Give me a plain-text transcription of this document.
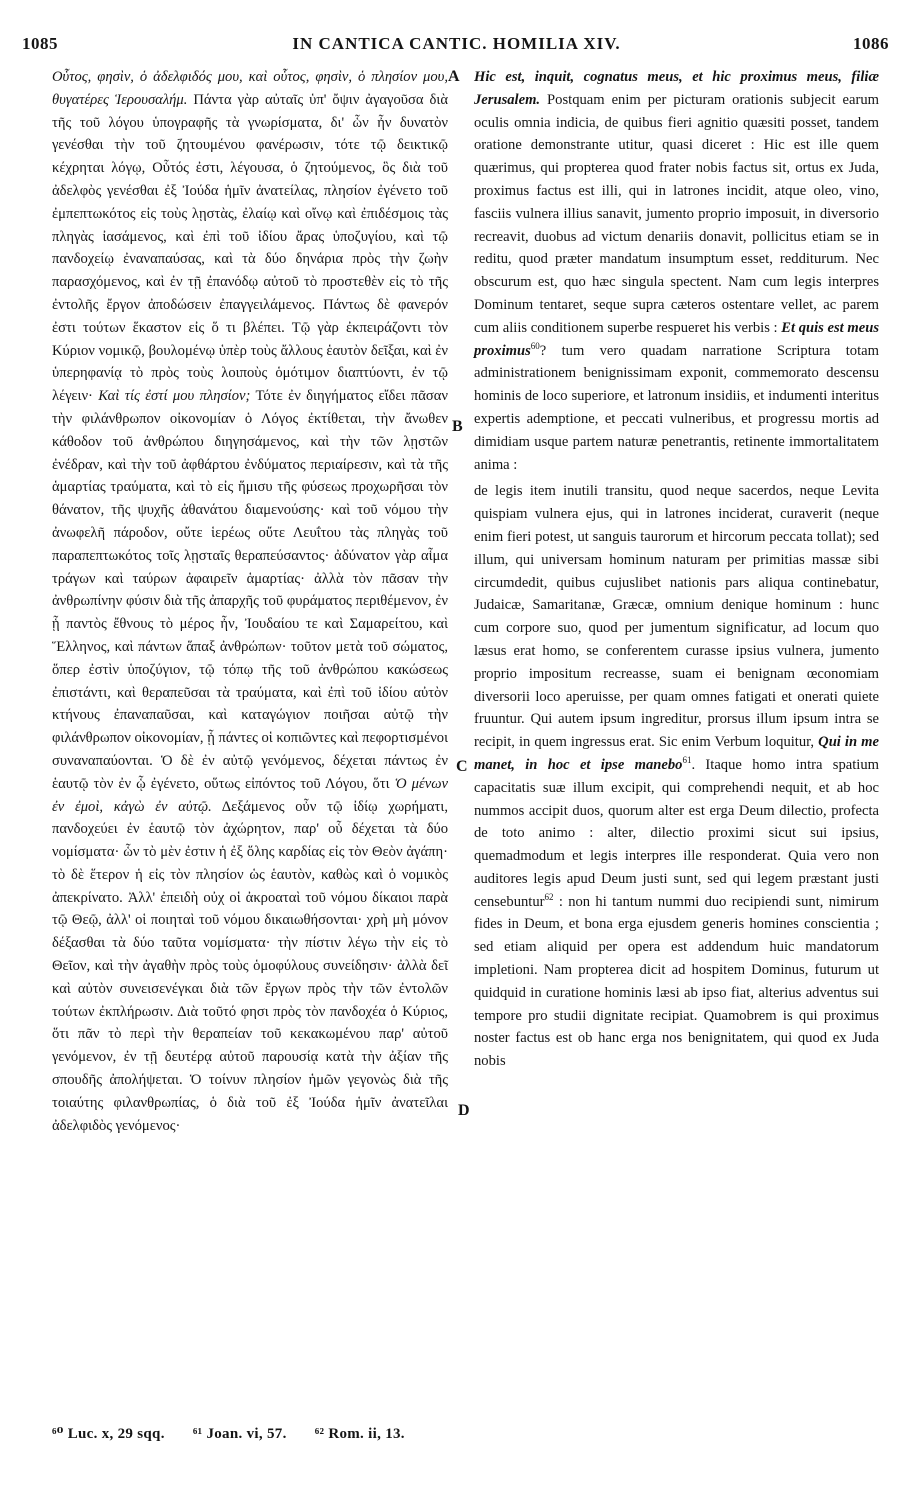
1085	IN CANTICA CANTIC. HOMILIA XIV.	1086
A
B
C
D

Οὗτος, φησὶν, ὁ ἀδελφιδός μου, καὶ οὗτος, φησὶν, ὁ πλησίον μου, θυγατέρες Ἱερουσαλήμ. Πάντα γὰρ αὐταῖς ὑπ' ὄψιν ἀγαγοῦσα διὰ τῆς τοῦ λόγου ὑπογραφῆς τὰ γνωρίσματα, δι' ὧν ἦν δυνατὸν γενέσθαι τὴν τοῦ ζητουμένου φανέρωσιν, τότε τῷ δεικτικῷ κέχρηται λόγῳ, Οὗτός ἐστι, λέγουσα, ὁ ζητούμενος, ὃς διὰ τοῦ ἀδελφὸς γενέσθαι ἐξ Ἰούδα ἡμῖν ἀνατείλας, πλησίον ἐγένετο τοῦ ἐμπεπτωκότος εἰς τοὺς λῃστὰς, ἐλαίῳ καὶ οἴνῳ καὶ ἐπιδέσμοις τὰς πληγὰς ἰασάμενος, καὶ ἐπὶ τοῦ ἰδίου ἄρας ὑποζυγίου, καὶ τῷ πανδοχείῳ ἐναναπαύσας, καὶ τὰ δύο δηνάρια πρὸς τὴν ζωὴν παρασχόμενος, καὶ ἐν τῇ ἐπανόδῳ αὐτοῦ τὸ προστεθὲν εἰς τὸ τῆς ἐντολῆς ἔργον ἀποδώσειν ἐπαγγειλάμενος. Πάντως δὲ φανερόν ἐστι τούτων ἕκαστον εἰς ὅ τι βλέπει. Τῷ γὰρ ἐκπειράζοντι τὸν Κύριον νομικῷ, βουλομένῳ ὑπὲρ τοὺς ἄλλους ἑαυτὸν δεῖξαι, καὶ ἐν ὑπερηφανίᾳ τὸ πρὸς τοὺς λοιποὺς ὁμότιμον διαπτύοντι, ἐν τῷ λέγειν· Καὶ τίς ἐστί μου πλησίον; Τότε ἐν διηγήματος εἴδει πᾶσαν τὴν φιλάνθρωπον οἰκονομίαν ὁ Λόγος ἐκτίθεται, τὴν ἄνωθεν κάθοδον τοῦ ἀνθρώπου διηγησάμενος, καὶ τὴν τῶν λῃστῶν ἐνέδραν, καὶ τὴν τοῦ ἀφθάρτου ἐνδύματος περιαίρεσιν, καὶ τὰ τῆς ἁμαρτίας τραύματα, καὶ τὸ εἰς ἥμισυ τῆς φύσεως προχωρῆσαι τὸν θάνατον, τῆς ψυχῆς ἀθανάτου διαμενούσης· καὶ τοῦ νόμου τὴν ἀνωφελῆ πάροδον, οὔτε ἱερέως οὔτε Λευΐτου τὰς πληγὰς τοῦ παραπεπτωκότος τοῖς λῃσταῖς θεραπεύσαντος· ἀδύνατον γὰρ αἷμα τράγων καὶ ταύρων ἀφαιρεῖν ἁμαρτίας· ἀλλὰ τὸν πᾶσαν τὴν ἀνθρωπίνην φύσιν διὰ τῆς ἀπαρχῆς τοῦ φυράματος περιθέμενον, ἐν ᾗ παντὸς ἔθνους τὸ μέρος ἦν, Ἰουδαίου τε καὶ Σαμαρείτου, καὶ Ἕλληνος, καὶ πάντων ἅπαξ ἀνθρώπων· τοῦτον μετὰ τοῦ σώματος, ὅπερ ἐστὶν ὑποζύγιον, τῷ τόπῳ τῆς τοῦ ἀνθρώπου κακώσεως ἐπιστάντι, καὶ θεραπεῦσαι τὰ τραύματα, καὶ ἐπὶ τοῦ ἰδίου αὐτὸν κτήνους ἐπαναπαῦσαι, καὶ καταγώγιον ποιῆσαι αὐτῷ τὴν φιλάνθρωπον οἰκονομίαν, ᾗ πάντες οἱ κοπιῶντες καὶ πεφορτισμένοι συναναπαύονται. Ὁ δὲ ἐν αὐτῷ γενόμενος, δέχεται πάντως ἐν ἑαυτῷ τὸν ἐν ᾧ ἐγένετο, οὕτως εἰπόντος τοῦ Λόγου, ὅτι Ὁ μένων ἐν ἐμοὶ, κἀγὼ ἐν αὐτῷ. Δεξάμενος οὖν τῷ ἰδίῳ χωρήματι, πανδοχεύει ἐν ἑαυτῷ τὸν ἀχώρητον, παρ' οὗ δέχεται τὰ δύο νομίσματα· ὧν τὸ μὲν ἐστιν ἡ ἐξ ὅλης καρδίας εἰς τὸν Θεὸν ἀγάπη· τὸ δὲ ἕτερον ἡ εἰς τὸν πλησίον ὡς ἑαυτὸν, καθὼς καὶ ὁ νομικὸς ἀπεκρίνατο. Ἀλλ' ἐπειδὴ οὐχ οἱ ἀκροαταὶ τοῦ νόμου δίκαιοι παρὰ τῷ Θεῷ, ἀλλ' οἱ ποιηταὶ τοῦ νόμου δικαιωθήσονται· χρὴ μὴ μόνον δέξασθαι τὰ δύο ταῦτα νομίσματα· τὴν πίστιν λέγω τὴν εἰς τὸ Θεῖον, καὶ τὴν ἀγαθὴν πρὸς τοὺς ὁμοφύλους συνείδησιν· ἀλλὰ δεῖ καὶ αὐτὸν συνεισενέγκαι διὰ τῶν ἔργων πρὸς τὴν τῶν ἐντολῶν τούτων ἐκπλήρωσιν. Διὰ τοῦτό φησι πρὸς τὸν πανδοχέα ὁ Κύριος, ὅτι πᾶν τὸ περὶ τὴν θεραπείαν τοῦ κεκακωμένου παρ' αὐτοῦ γενόμενον, ἐν τῇ δευτέρᾳ αὐτοῦ παρουσίᾳ κατὰ τὴν ἀξίαν τῆς σπουδῆς ἀπολήψεται. Ὁ τοίνυν πλησίον ἡμῶν γεγονὼς διὰ τῆς τοιαύτης φιλανθρωπίας, ὁ διὰ τοῦ ἐξ Ἰούδα ἡμῖν ἀνατεῖλαι ἀδελφιδὸς γενόμενος·

Hic est, inquit, cognatus meus, et hic proximus meus, filiæ Jerusalem. Postquam enim per picturam orationis subjecit earum oculis omnia indicia, de quibus fieri agnitio quæsiti posset, tandem oratione demonstrante utitur, quasi diceret : Hic est ille quem quærimus, qui propterea quod frater nobis factus sit, ortus ex Juda, proximus factus est illi, qui in latrones incidit, atque oleo, vino, fasciis vulnera illius sanavit, jumento proprio imposuit, in diversorio recreavit, duobus ad victum denariis donavit, pollicitus etiam se in reditu, quod præter mandatum insumptum esset, redditurum. Nec obscurum est, quo hæc singula spectent. Nam cum legis interpres Dominum tentaret, seque supra cæteros ostentare vellet, ac parem cum aliis conditionem superbe respueret his verbis : Et quis est meus proximus$^{60}$? tum vero quadam narratione Scriptura totam administrationem benignissimam exponit, commemorato descensu hominis de loco superiore, et latronum insidiis, et indumenti interitus expertis ademptione, et peccati vulneribus, et progressu mortis ad dimidiam usque partem naturæ penetrantis, retinente immortalitatem anima :

de legis item inutili transitu, quod neque sacerdos, neque Levita quispiam vulnera ejus, qui in latrones inciderat, curaverit (neque enim fieri potest, ut sanguis taurorum et hircorum peccata tollat); sed illum, qui universam hominum naturam per primitias massæ sibi circumdedit, quibus cujuslibet nationis pars aliqua continebatur, Judaicæ, Samaritanæ, Græcæ, omnium denique hominum : hunc cum corpore suo, quod per jumentum significatur, ad locum quo læsus erat homo, se conferentem curasse ipsius vulnera, jumento proprio impositum recreasse, suam ei benignam œconomiam diversorii loco aperuisse, per quam omnes fatigati et onerati quiete fruuntur. Qui autem ipsum ingreditur, prorsus illum ipsum intra se recipit, in quem ingressus erat. Sic enim Verbum loquitur, Qui in me manet, in hoc et ipse manebo$^{61}$. Itaque homo intra spatium capacitatis suæ illum excipit, qui comprehendi nequit, et ab hoc nummos accipit duos, quorum alter est erga Deum dilectio, profecta de toto animo : alter, dilectio proximi sicut sui ipsius, quemadmodum et legis interpres ille responderat. Quia vero non auditores legis apud Deum justi sunt, sed qui legem præstant justi censebuntur$^{62}$ : non hi tantum nummi duo recipiendi sunt, nimirum fides in Deum, et bona erga ejusdem generis homines conscientia ; sed etiam aliquid per opera est addendum huic mandatorum impletioni. Nam propterea dicit ad hospitem Dominus, futurum ut quidquid in curatione hominis læsi ab ipso fiat, alterius adventus sui tempore pro studii dignitate recipiat. Quamobrem is qui proximus noster factus est ob hanc erga nos benignitatem, qui quod ex Juda nobis

⁶⁰ Luc. x, 29 sqq. ⁶¹ Joan. vi, 57. ⁶² Rom. ii, 13.
